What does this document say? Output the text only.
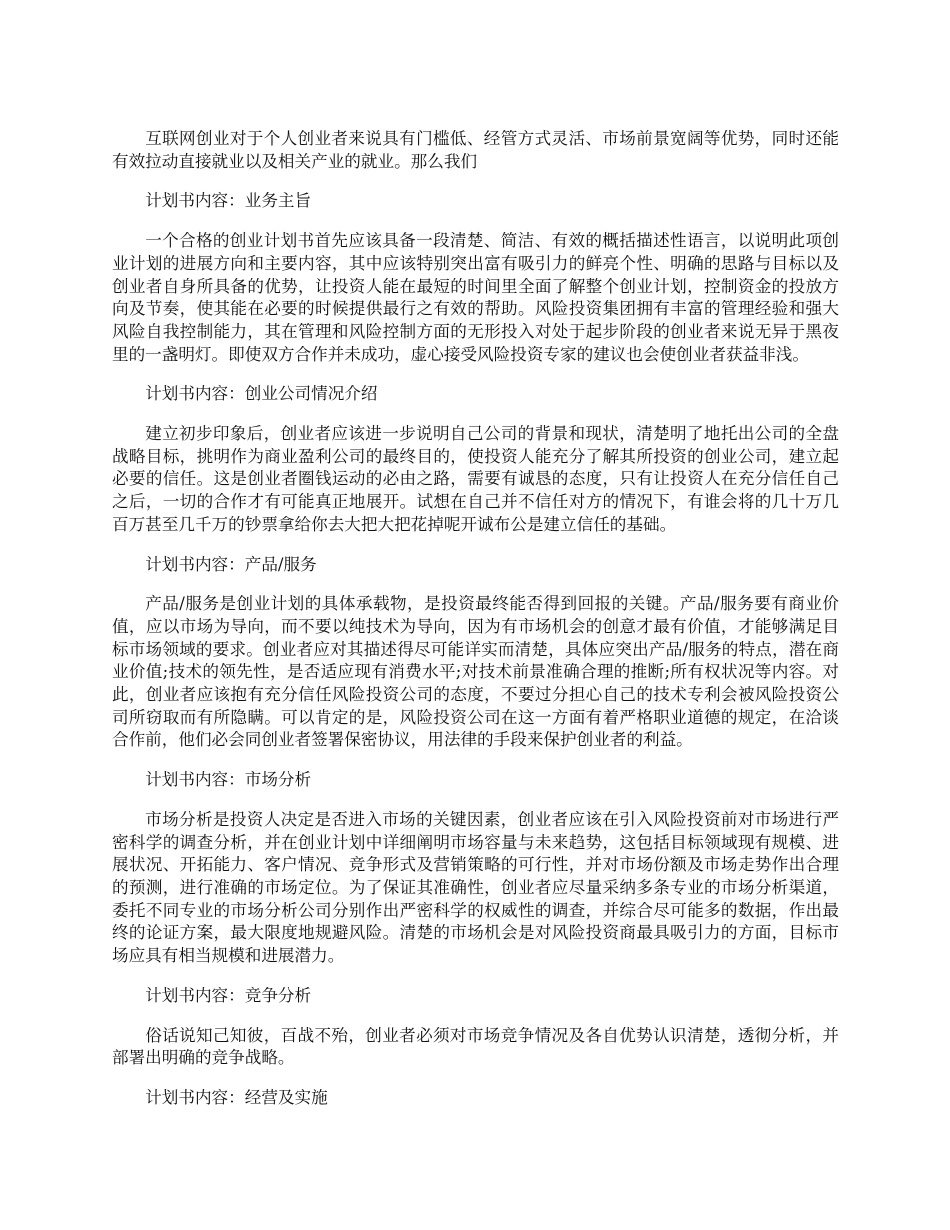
互联网创业对于个人创业者来说具有门槛低、经管方式灵活、市场前景宽阔等优势，同时还能有效拉动直接就业以及相关产业的就业。那么我们

计划书内容：业务主旨

一个合格的创业计划书首先应该具备一段清楚、简洁、有效的概括描述性语言，以说明此项创业计划的进展方向和主要内容，其中应该特别突出富有吸引力的鲜亮个性、明确的思路与目标以及创业者自身所具备的优势，让投资人能在最短的时间里全面了解整个创业计划，控制资金的投放方向及节奏，使其能在必要的时候提供最行之有效的帮助。风险投资集团拥有丰富的管理经验和强大风险自我控制能力，其在管理和风险控制方面的无形投入对处于起步阶段的创业者来说无异于黑夜里的一盏明灯。即使双方合作并未成功，虚心接受风险投资专家的建议也会使创业者获益非浅。

计划书内容：创业公司情况介绍

建立初步印象后，创业者应该进一步说明自己公司的背景和现状，清楚明了地托出公司的全盘战略目标，挑明作为商业盈利公司的最终目的，使投资人能充分了解其所投资的创业公司，建立起必要的信任。这是创业者圈钱运动的必由之路，需要有诚恳的态度，只有让投资人在充分信任自己之后，一切的合作才有可能真正地展开。试想在自己并不信任对方的情况下，有谁会将的几十万几百万甚至几千万的钞票拿给你去大把大把花掉呢开诚布公是建立信任的基础。

计划书内容：产品/服务

产品/服务是创业计划的具体承载物，是投资最终能否得到回报的关键。产品/服务要有商业价值，应以市场为导向，而不要以纯技术为导向，因为有市场机会的创意才最有价值，才能够满足目标市场领域的要求。创业者应对其描述得尽可能详实而清楚，具体应突出产品/服务的特点，潜在商业价值;技术的领先性，是否适应现有消费水平;对技术前景准确合理的推断;所有权状况等内容。对此，创业者应该抱有充分信任风险投资公司的态度，不要过分担心自己的技术专利会被风险投资公司所窃取而有所隐瞒。可以肯定的是，风险投资公司在这一方面有着严格职业道德的规定，在洽谈合作前，他们必会同创业者签署保密协议，用法律的手段来保护创业者的利益。

计划书内容：市场分析

市场分析是投资人决定是否进入市场的关键因素，创业者应该在引入风险投资前对市场进行严密科学的调查分析，并在创业计划中详细阐明市场容量与未来趋势，这包括目标领域现有规模、进展状况、开拓能力、客户情况、竞争形式及营销策略的可行性，并对市场份额及市场走势作出合理的预测，进行准确的市场定位。为了保证其准确性，创业者应尽量采纳多条专业的市场分析渠道，委托不同专业的市场分析公司分别作出严密科学的权威性的调查，并综合尽可能多的数据，作出最终的论证方案，最大限度地规避风险。清楚的市场机会是对风险投资商最具吸引力的方面，目标市场应具有相当规模和进展潜力。

计划书内容：竞争分析

俗话说知己知彼，百战不殆，创业者必须对市场竞争情况及各自优势认识清楚，透彻分析，并部署出明确的竞争战略。

计划书内容：经营及实施
